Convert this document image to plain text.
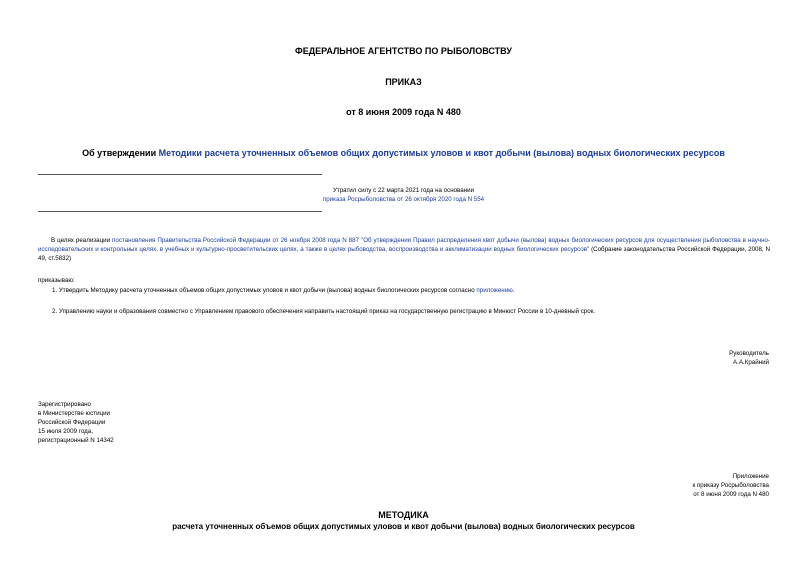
ФЕДЕРАЛЬНОЕ АГЕНТСТВО ПО РЫБОЛОВСТВУ
ПРИКАЗ
от 8 июня 2009 года N 480
Об утверждении Методики расчета уточненных объемов общих допустимых уловов и квот добычи (вылова) водных биологических ресурсов
Утратил силу с 22 марта 2021 года на основании
приказа Росрыболовства от 26 октября 2020 года N 554
В целях реализации постановления Правительства Российской Федерации от 26 ноября 2008 года N 887 "Об утверждении Правил распределения квот добычи (вылова) водных биологических ресурсов для осуществления рыболовства в научно-исследовательских и контрольных целях, в учебных и культурно-просветительских целях, а также в целях рыбоводства, воспроизводства и акклиматизации водных биологических ресурсов" (Собрание законодательства Российской Федерации, 2008, N 49, ст.5832)
приказываю:
1. Утвердить Методику расчета уточненных объемов общих допустимых уловов и квот добычи (вылова) водных биологических ресурсов согласно приложению.
2. Управлению науки и образования совместно с Управлением правового обеспечения направить настоящий приказ на государственную регистрацию в Минюст России в 10-дневный срок.
Руководитель
А.А.Крайний
Зарегистрировано
в Министерстве юстиции
Российской Федерации
15 июля 2009 года,
регистрационный N 14342
Приложение
к приказу Росрыболовства
от 8 июня 2009 года N 480
МЕТОДИКА
расчета уточненных объемов общих допустимых уловов и квот добычи (вылова) водных биологических ресурсов
